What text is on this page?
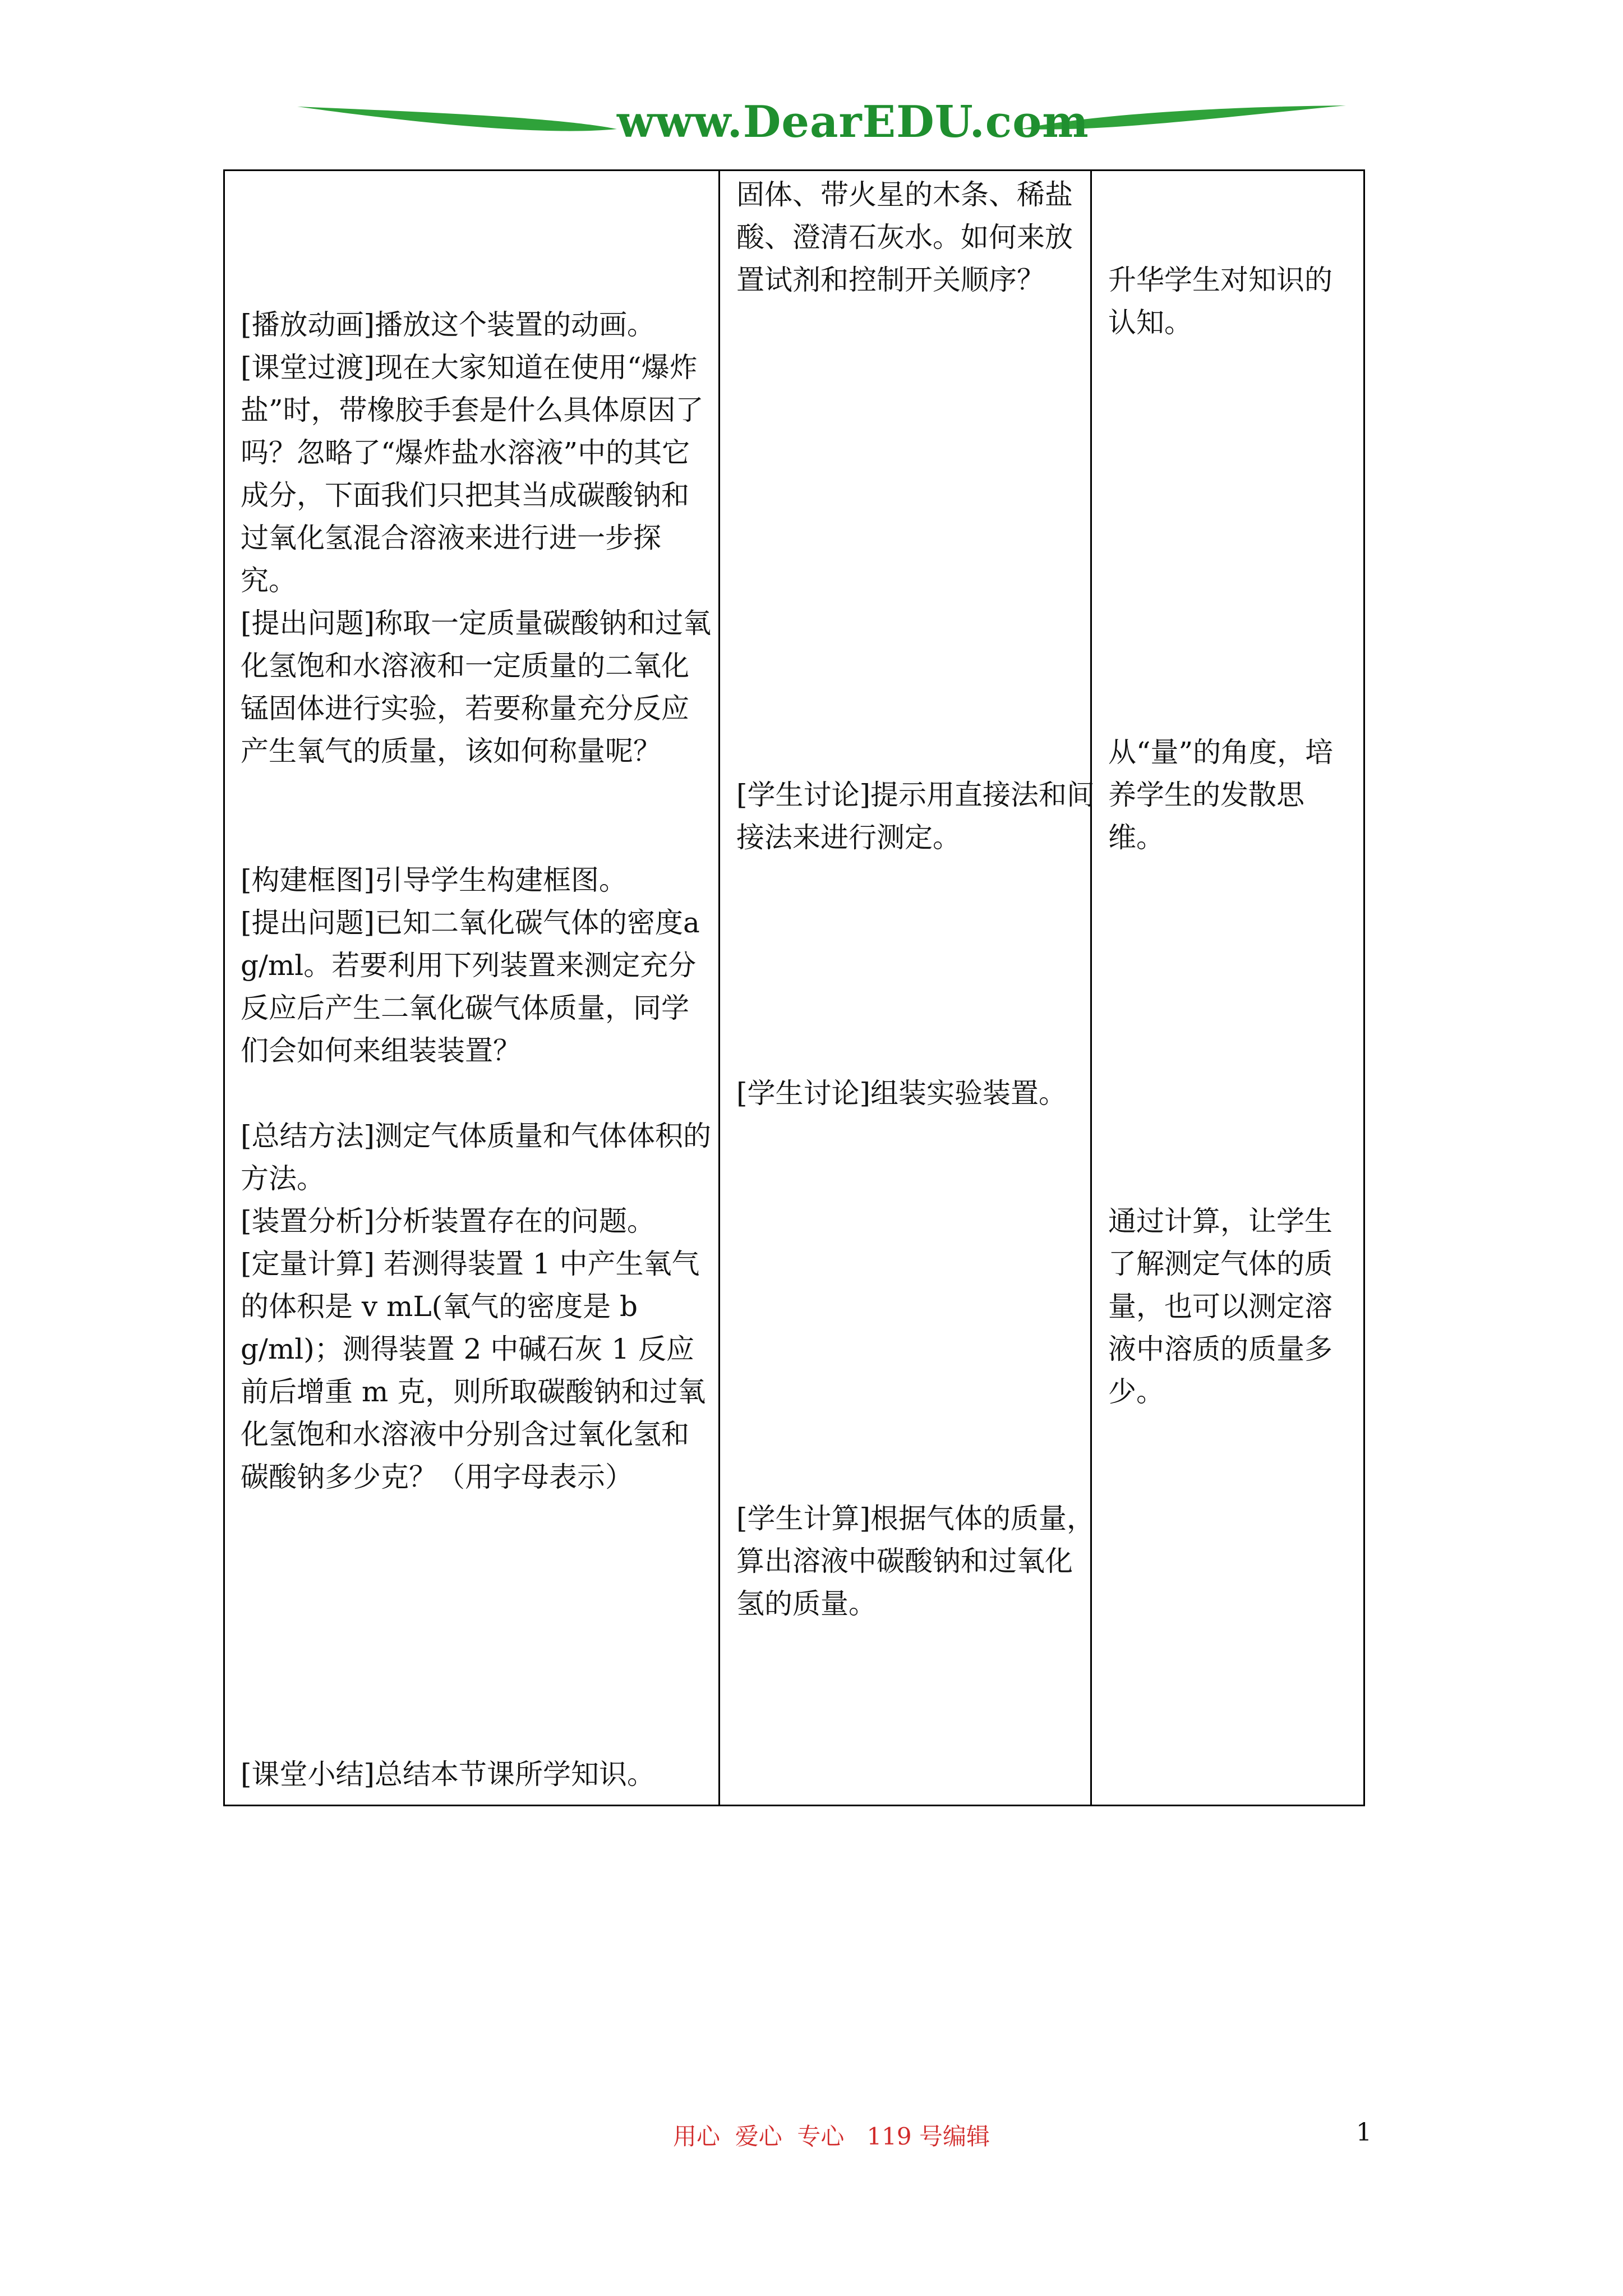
www.DearEDU.com

[播放动画]播放这个装置的动画。

[课堂过渡]现在大家知道在使用“爆炸盐”时，带橡胶手套是什么具体原因了吗？忽略了“爆炸盐水溶液”中的其它成分，下面我们只把其当成碳酸钠和过氧化氢混合溶液来进行进一步探究。

[提出问题]称取一定质量碳酸钠和过氧化氢饱和水溶液和一定质量的二氧化锰固体进行实验，若要称量充分反应产生氧气的质量，该如何称量呢？

[构建框图]引导学生构建框图。

[提出问题]已知二氧化碳气体的密度a g/ml。若要利用下列装置来测定充分反应后产生二氧化碳气体质量，同学们会如何来组装装置？

[总结方法]测定气体质量和气体体积的方法。

[装置分析]分析装置存在的问题。

[定量计算] 若测得装置 1 中产生氧气的体积是 v mL(氧气的密度是 b g/ml)；测得装置 2 中碱石灰 1 反应前后增重 m 克，则所取碳酸钠和过氧化氢饱和水溶液中分别含过氧化氢和碳酸钠多少克？（用字母表示）

[课堂小结]总结本节课所学知识。

固体、带火星的木条、稀盐酸、澄清石灰水。如何来放置试剂和控制开关顺序？

[学生讨论]提示用直接法和间接法来进行测定。

[学生讨论]组装实验装置。

[学生计算]根据气体的质量，算出溶液中碳酸钠和过氧化氢的质量。

升华学生对知识的认知。

从“量”的角度，培养学生的发散思维。

通过计算，让学生了解测定气体的质量，也可以测定溶液中溶质的质量多少。

用心  爱心  专心   119 号编辑	1
